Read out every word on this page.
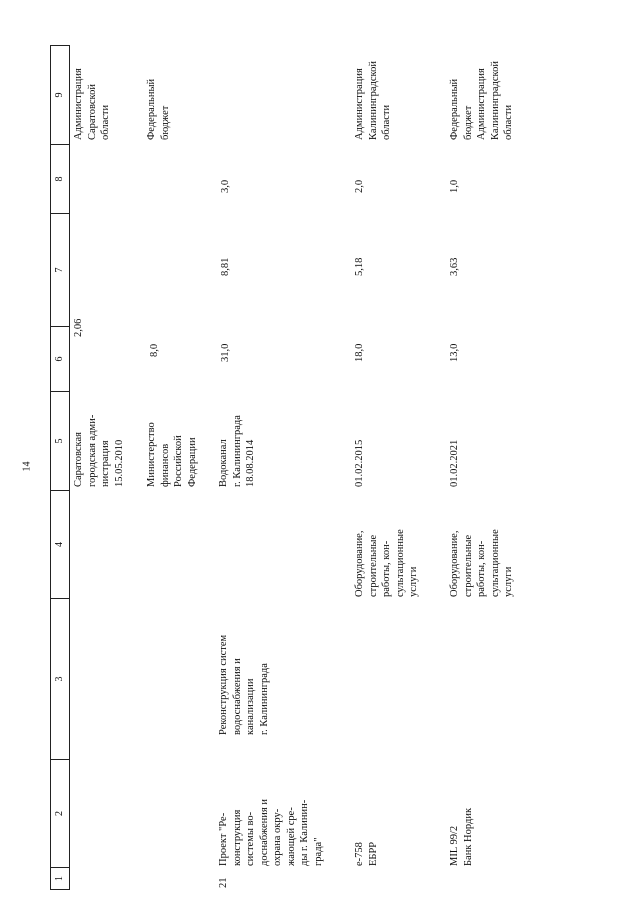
14
1
2
3
4
5
6
7
8
9
Саратовская
городская адми-
нистрация
15.05.2010
2,06
Администрация
Саратовской
области
Министерство
финансов
Российской
Федерации
8,0
Федеральный
бюджет
21
Проект "Ре-
конструкция
системы во-
доснабжения и
охрана окру-
жающей сре-
ды г. Калинин-
града"
Реконструкция систем
водоснабжения и
канализации
г. Калининграда
Водоканал
г. Калининграда
18.08.2014
31,0
8,81
3,0
e-758
ЕБРР
Оборудование,
строительные
работы, кон-
сультационные
услуги
01.02.2015
18,0
5,18
2,0
Администрация
Калининградской
области
MIL 99/2
Банк Нордик
Оборудование,
строительные
работы, кон-
сультационные
услуги
01.02.2021
13,0
3,63
1,0
Федеральный
бюджет
Администрация
Калининградской
области
